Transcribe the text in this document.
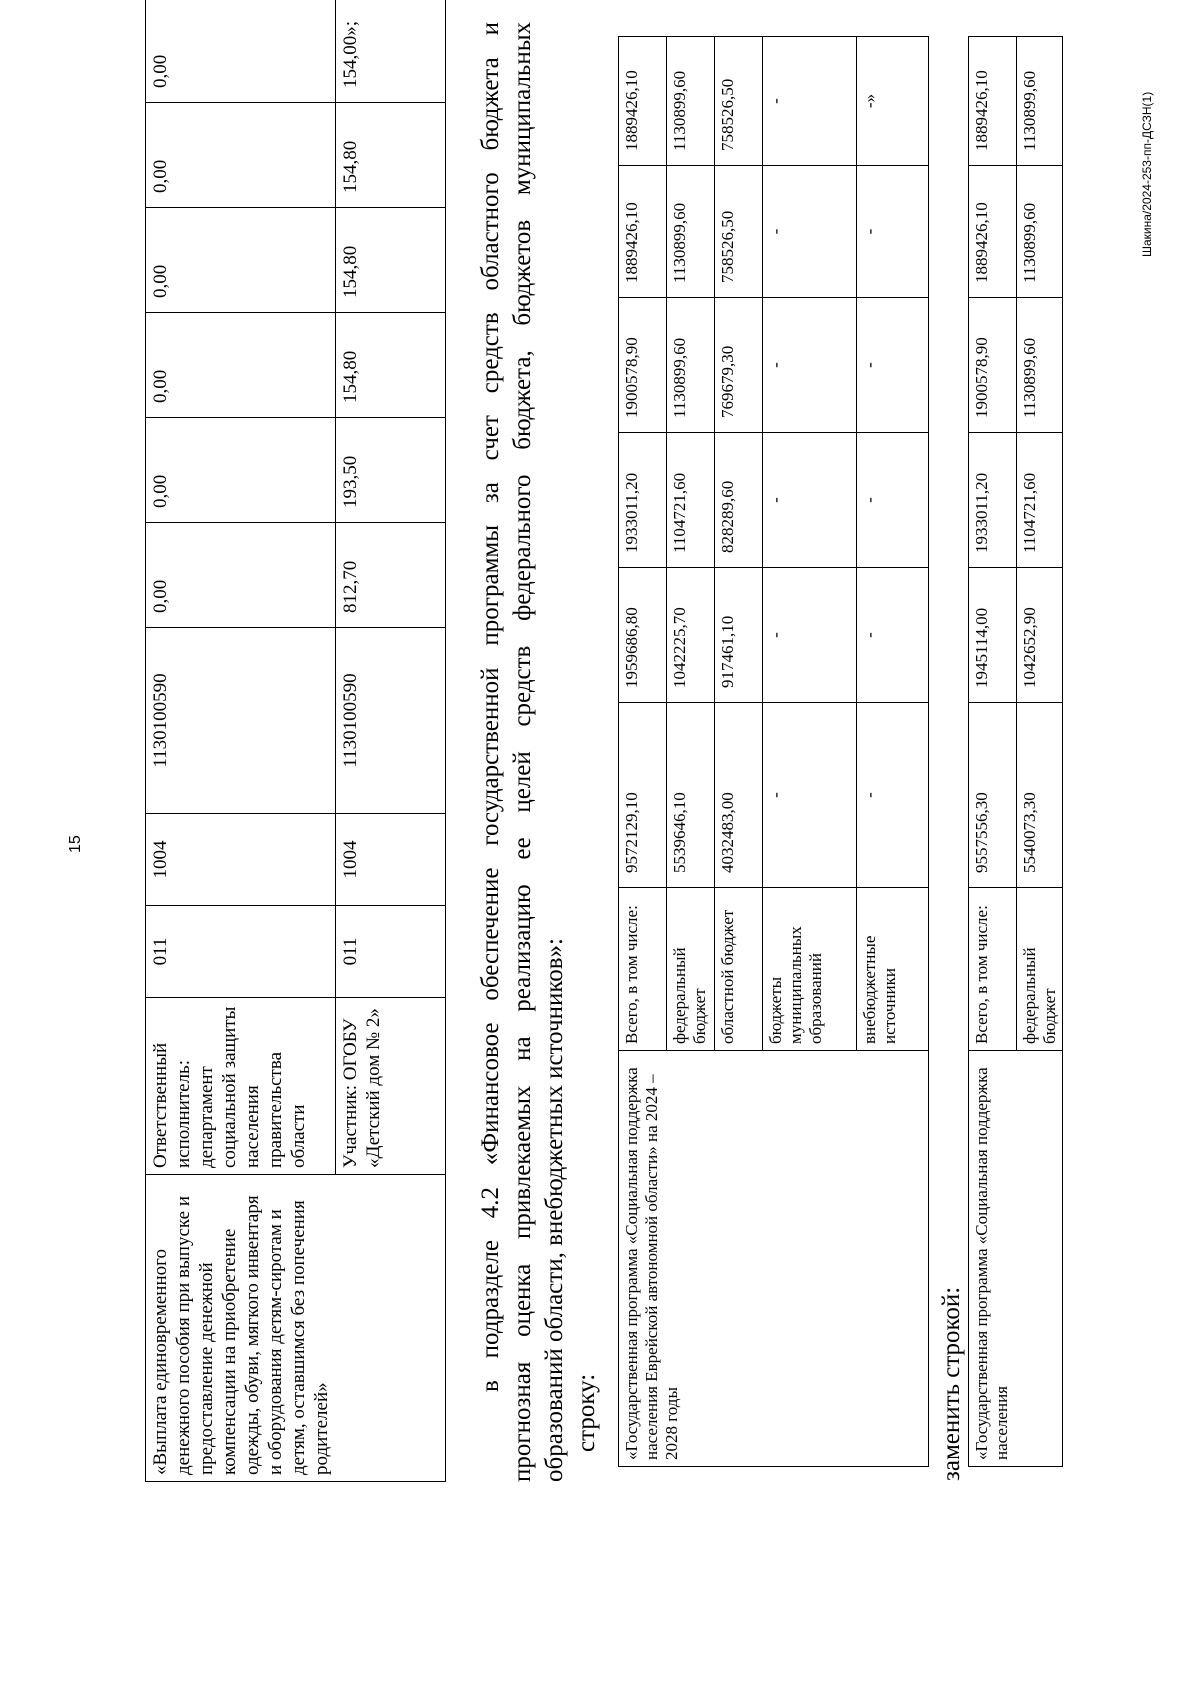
15
«Выплата единовременного денежного пособия при выпуске и предоставление денежной компенсации на приобретение одежды, обуви, мягкого инвентаря и оборудования детям-сиротам и детям, оставшимся без попечения родителей»	Ответственный исполнитель: департамент социальной защиты населения правительства области	011	1004	1130100590	0,00	0,00	0,00	0,00	0,00	0,00
	Участник: ОГОБУ «Детский дом № 2»	011	1004	1130100590	812,70	193,50	154,80	154,80	154,80	154,00»;	в подразделе 4.2 «Финансовое обеспечение государственной программы за счет средств областного бюджета и прогнозная оценка привлекаемых на реализацию ее целей средств федерального бюджета, бюджетов муниципальных образований области, внебюджетных источников»: строку: «Государственная программа «Социальная поддержка населения Еврейской автономной области» на 2024 – 2028 годы	Всего, в том числе:	9572129,10	1959686,80	1933011,20	1900578,90	1889426,10	1889426,10
	федеральный бюджет	5539646,10	1042225,70	1104721,60	1130899,60	1130899,60	1130899,60
	областной бюджет	4032483,00	917461,10	828289,60	769679,30	758526,50	758526,50
	бюджеты муниципальных образований	-	-	-	-	-	-
	внебюджетные источники	-	-	-	-	-	-»
заменить строкой: «Государственная программа «Социальная поддержка населения	Всего, в том числе:	9557556,30	1945114,00	1933011,20	1900578,90	1889426,10	1889426,10
	федеральный бюджет	5540073,30	1042652,90	1104721,60	1130899,60	1130899,60	1130899,60	Шакина/2024-253-пп-ДСЗН(1)
